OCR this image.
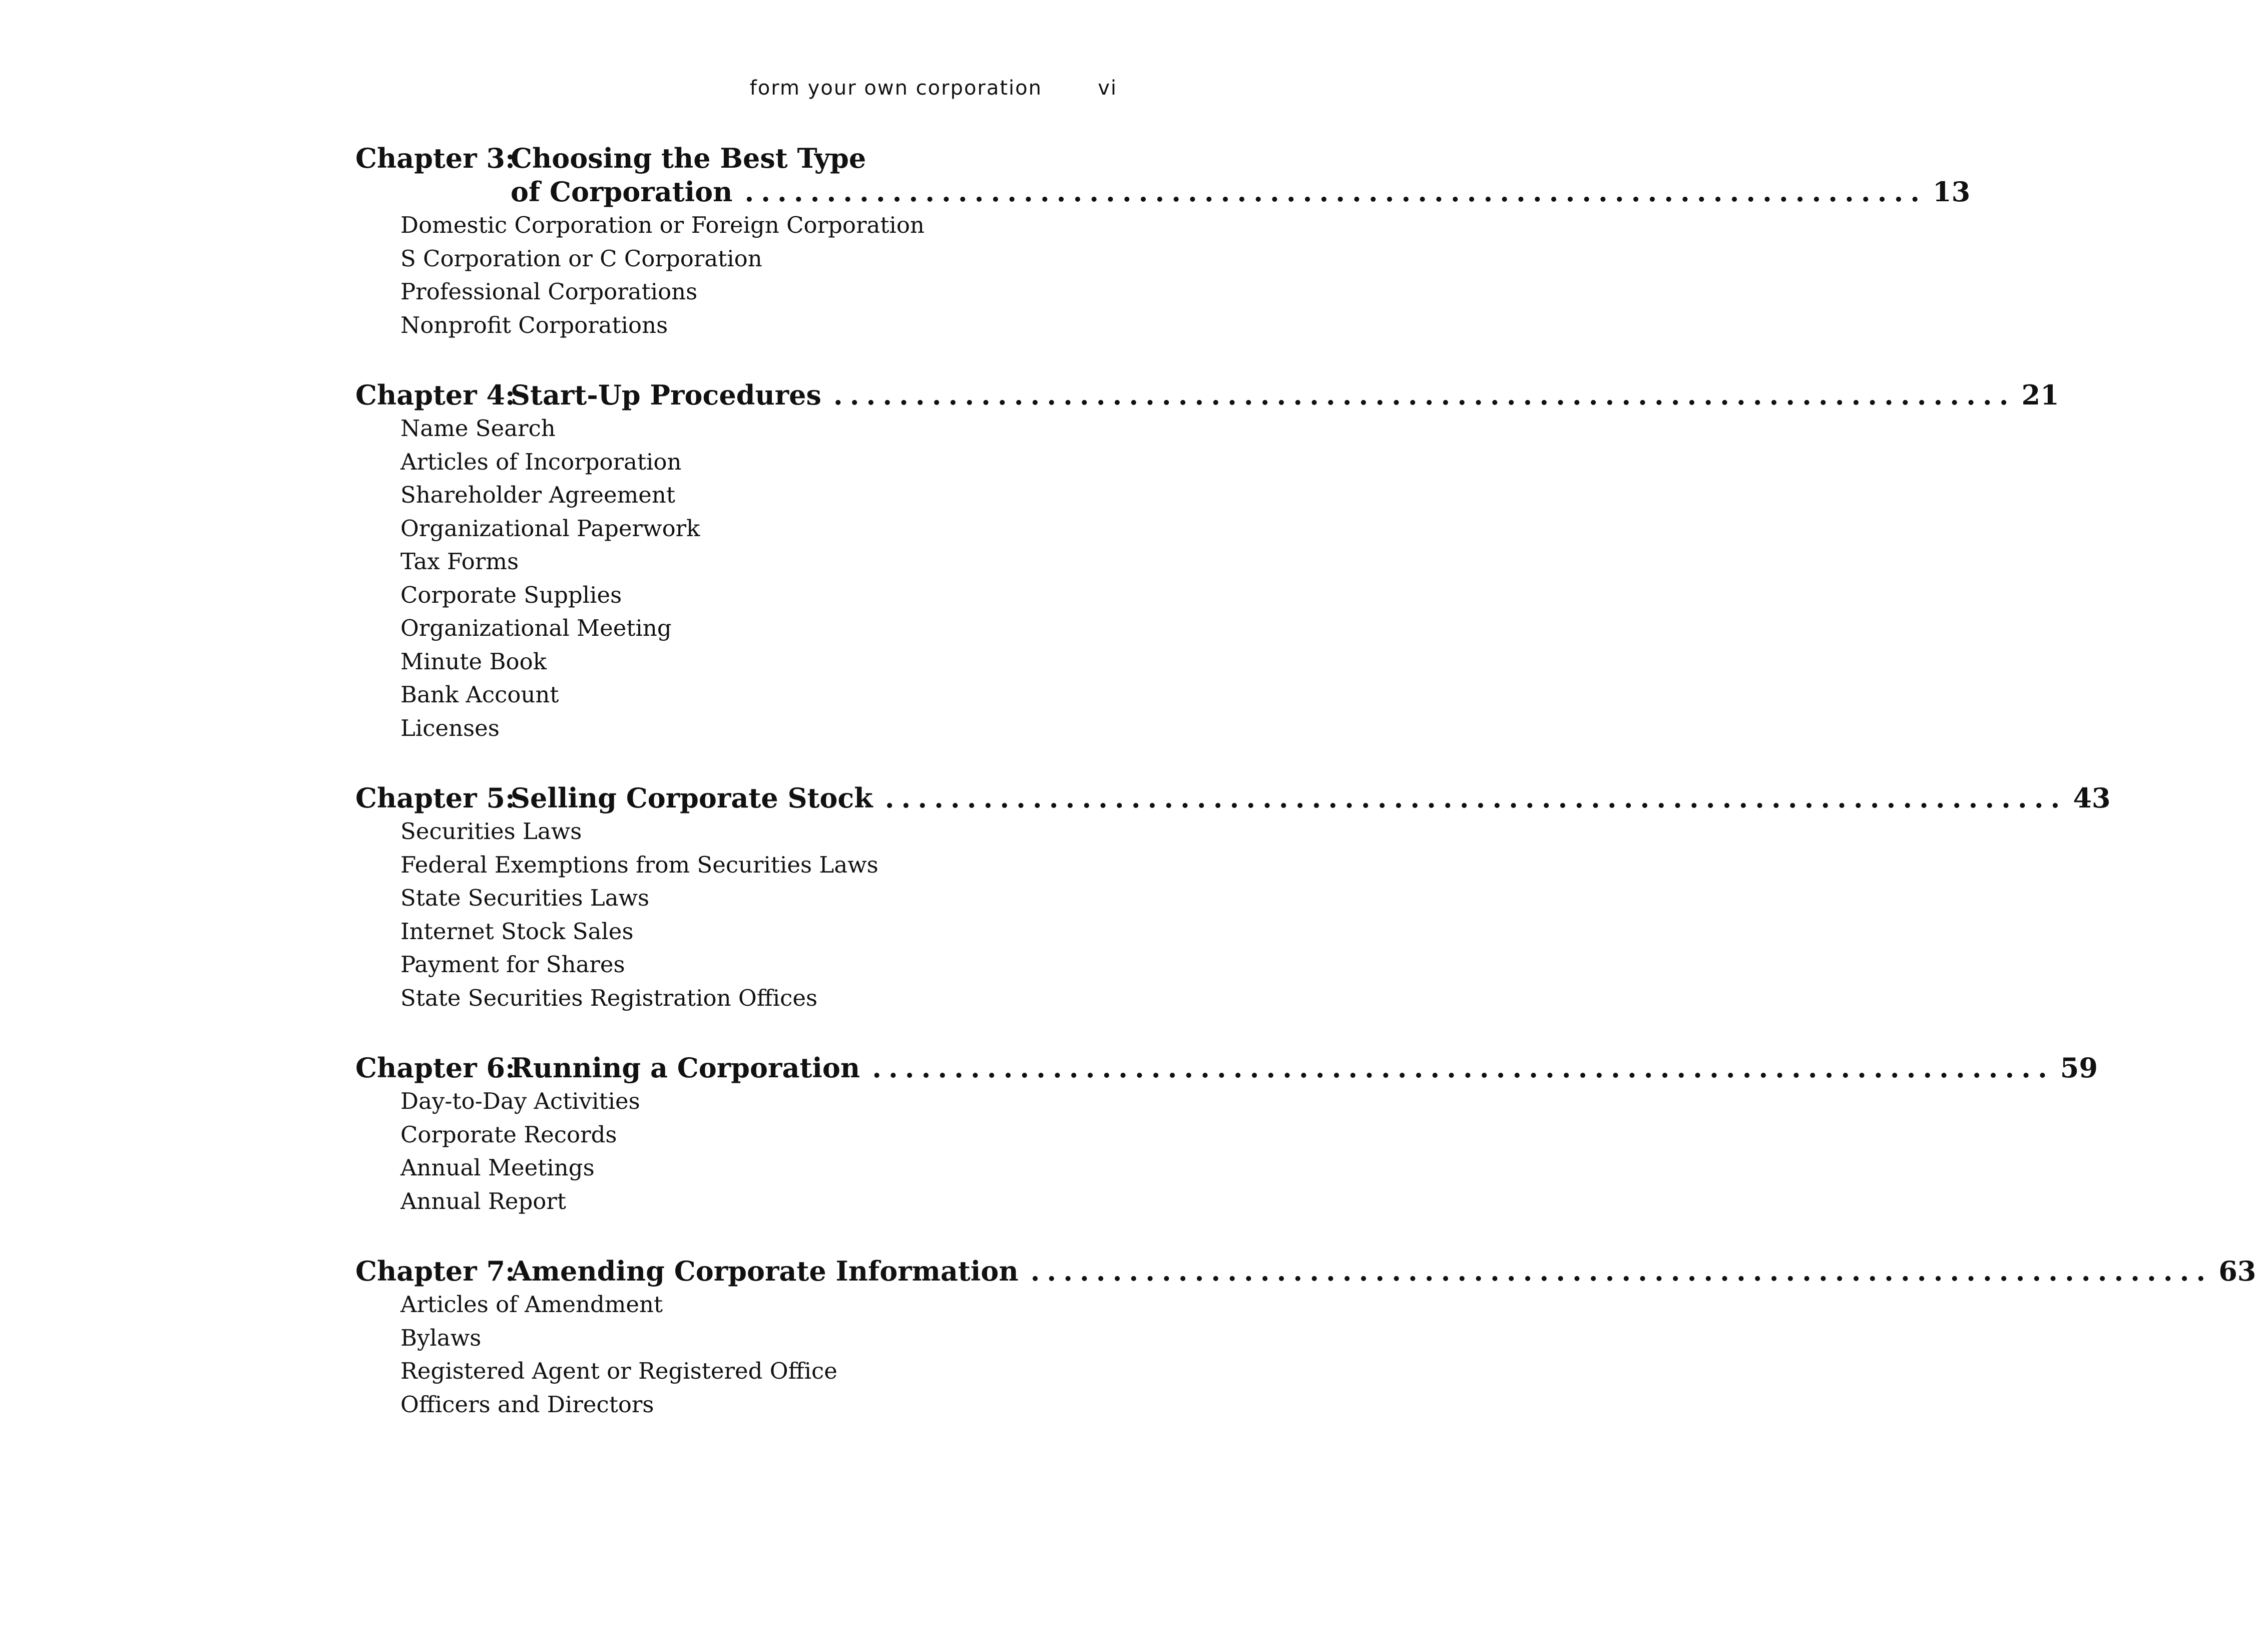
form your own corporation	vi
Chapter 3:
Choosing the Best Type
of Corporation ........................................................................ 13
Domestic Corporation or Foreign Corporation
S Corporation or C Corporation
Professional Corporations
Nonprofit Corporations
Chapter 4:
Start-Up Procedures ........................................................................ 21
Name Search
Articles of Incorporation
Shareholder Agreement
Organizational Paperwork
Tax Forms
Corporate Supplies
Organizational Meeting
Minute Book
Bank Account
Licenses
Chapter 5:
Selling Corporate Stock ........................................................................ 43
Securities Laws
Federal Exemptions from Securities Laws
State Securities Laws
Internet Stock Sales
Payment for Shares
State Securities Registration Offices
Chapter 6:
Running a Corporation ........................................................................ 59
Day-to-Day Activities
Corporate Records
Annual Meetings
Annual Report
Chapter 7:
Amending Corporate Information ........................................................................ 63
Articles of Amendment
Bylaws
Registered Agent or Registered Office
Officers and Directors
